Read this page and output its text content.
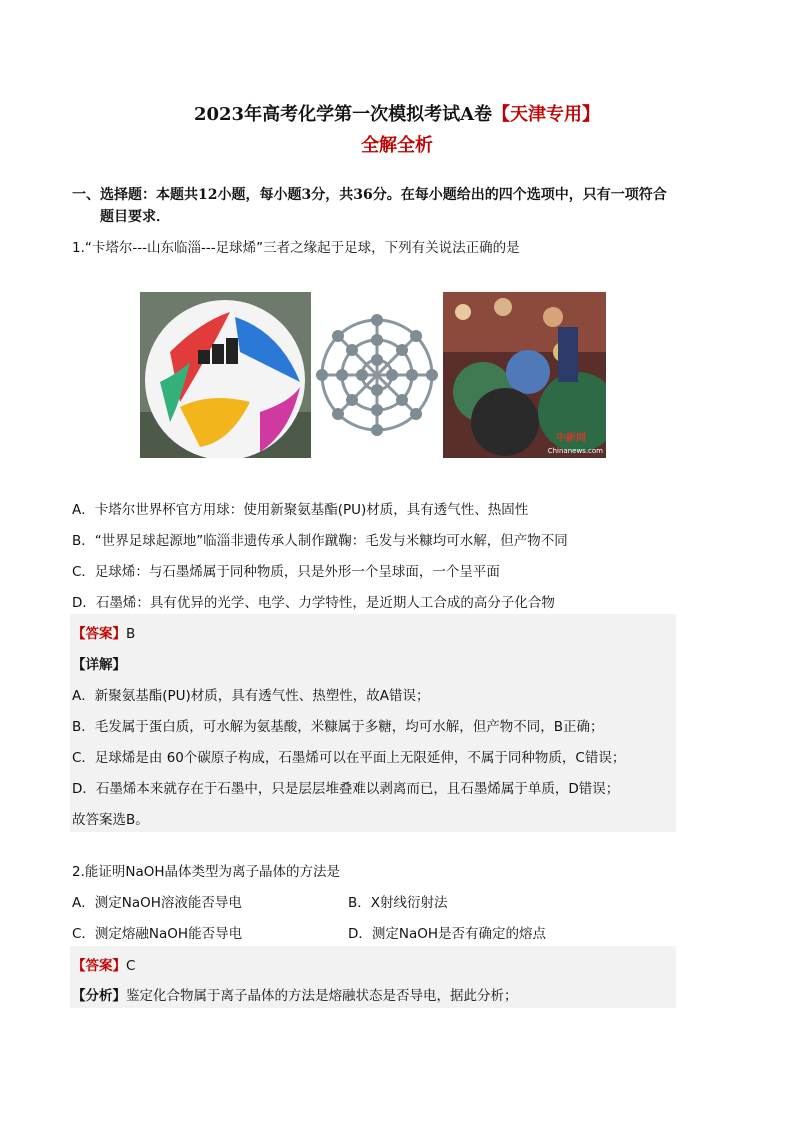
2023年高考化学第一次模拟考试A卷【天津专用】
全解全析
一、选择题：本题共12小题，每小题3分，共36分。在每小题给出的四个选项中，只有一项符合
题目要求．
1.“卡塔尔---山东临淄---足球烯”三者之缘起于足球，下列有关说法正确的是
中新网
Chinanews.com
A．卡塔尔世界杯官方用球：使用新聚氨基酯(PU)材质，具有透气性、热固性
B．“世界足球起源地”临淄非遗传承人制作蹴鞠：毛发与米糠均可水解，但产物不同
C．足球烯：与石墨烯属于同种物质，只是外形一个呈球面，一个呈平面
D．石墨烯：具有优异的光学、电学、力学特性，是近期人工合成的高分子化合物
【答案】B
【详解】
A．新聚氨基酯(PU)材质，具有透气性、热塑性，故A错误；
B．毛发属于蛋白质，可水解为氨基酸，米糠属于多糖，均可水解，但产物不同，B正确；
C．足球烯是由 60个碳原子构成，石墨烯可以在平面上无限延伸，不属于同种物质，C错误；
D．石墨烯本来就存在于石墨中，只是层层堆叠难以剥离而已，且石墨烯属于单质，D错误；
故答案选B。
2.能证明NaOH晶体类型为离子晶体的方法是
A．测定NaOH溶液能否导电	B．X射线衍射法
C．测定熔融NaOH能否导电	D．测定NaOH是否有确定的熔点
【答案】C
【分析】鉴定化合物属于离子晶体的方法是熔融状态是否导电，据此分析；
